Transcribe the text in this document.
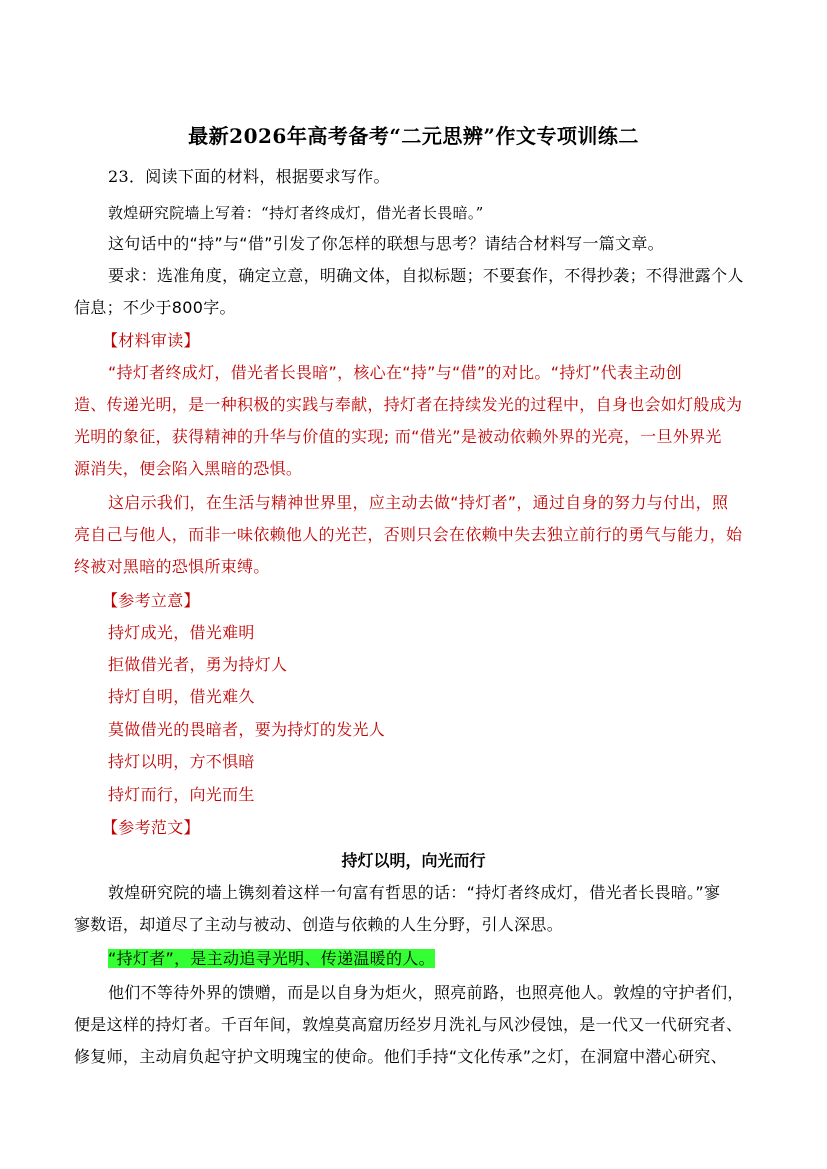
最新2026年高考备考“二元思辨”作文专项训练二
23．阅读下面的材料，根据要求写作。
敦煌研究院墙上写着：“持灯者终成灯，借光者长畏暗。”
这句话中的“持”与“借”引发了你怎样的联想与思考？请结合材料写一篇文章。
要求：选准角度，确定立意，明确文体，自拟标题；不要套作，不得抄袭；不得泄露个人
信息；不少于800字。
【材料审读】
“持灯者终成灯，借光者长畏暗”，核心在“持”与“借”的对比。“持灯”代表主动创
造、传递光明，是一种积极的实践与奉献，持灯者在持续发光的过程中，自身也会如灯般成为
光明的象征，获得精神的升华与价值的实现; 而“借光”是被动依赖外界的光亮，一旦外界光
源消失，便会陷入黑暗的恐惧。
这启示我们，在生活与精神世界里，应主动去做“持灯者”，通过自身的努力与付出，照
亮自己与他人，而非一味依赖他人的光芒，否则只会在依赖中失去独立前行的勇气与能力，始
终被对黑暗的恐惧所束缚。
【参考立意】
持灯成光，借光难明
拒做借光者，勇为持灯人
持灯自明，借光难久
莫做借光的畏暗者，要为持灯的发光人
持灯以明，方不惧暗
持灯而行，向光而生
【参考范文】
持灯以明，向光而行
敦煌研究院的墙上镌刻着这样一句富有哲思的话：“持灯者终成灯，借光者长畏暗。”寥
寥数语，却道尽了主动与被动、创造与依赖的人生分野，引人深思。
“持灯者”，是主动追寻光明、传递温暖的人。
他们不等待外界的馈赠，而是以自身为炬火，照亮前路，也照亮他人。敦煌的守护者们，
便是这样的持灯者。千百年间，敦煌莫高窟历经岁月洗礼与风沙侵蚀，是一代又一代研究者、
修复师，主动肩负起守护文明瑰宝的使命。他们手持“文化传承”之灯，在洞窟中潜心研究、
